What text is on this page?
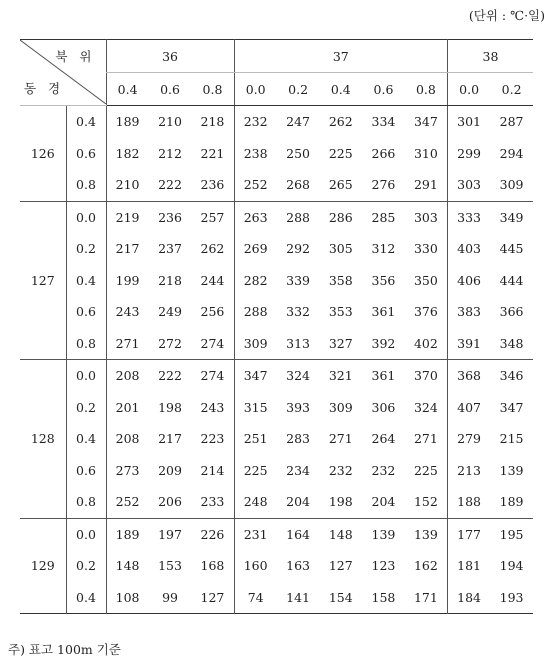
(단위 : ℃·일)
북 위
동 경		36			37					38	
		0.4	0.6	0.8	0.0	0.2	0.4	0.6	0.8	0.0	0.2
126	0.4	189	210	218	232	247	262	334	347	301	287
	0.6	182	212	221	238	250	225	266	310	299	294
	0.8	210	222	236	252	268	265	276	291	303	309
127	0.0	219	236	257	263	288	286	285	303	333	349
	0.2	217	237	262	269	292	305	312	330	403	445
	0.4	199	218	244	282	339	358	356	350	406	444
	0.6	243	249	256	288	332	353	361	376	383	366
	0.8	271	272	274	309	313	327	392	402	391	348
128	0.0	208	222	274	347	324	321	361	370	368	346
	0.2	201	198	243	315	393	309	306	324	407	347
	0.4	208	217	223	251	283	271	264	271	279	215
	0.6	273	209	214	225	234	232	232	225	213	139
	0.8	252	206	233	248	204	198	204	152	188	189
129	0.0	189	197	226	231	164	148	139	139	177	195
	0.2	148	153	168	160	163	127	123	162	181	194
	0.4	108	99	127	74	141	154	158	171	184	193
주) 표고 100m 기준
